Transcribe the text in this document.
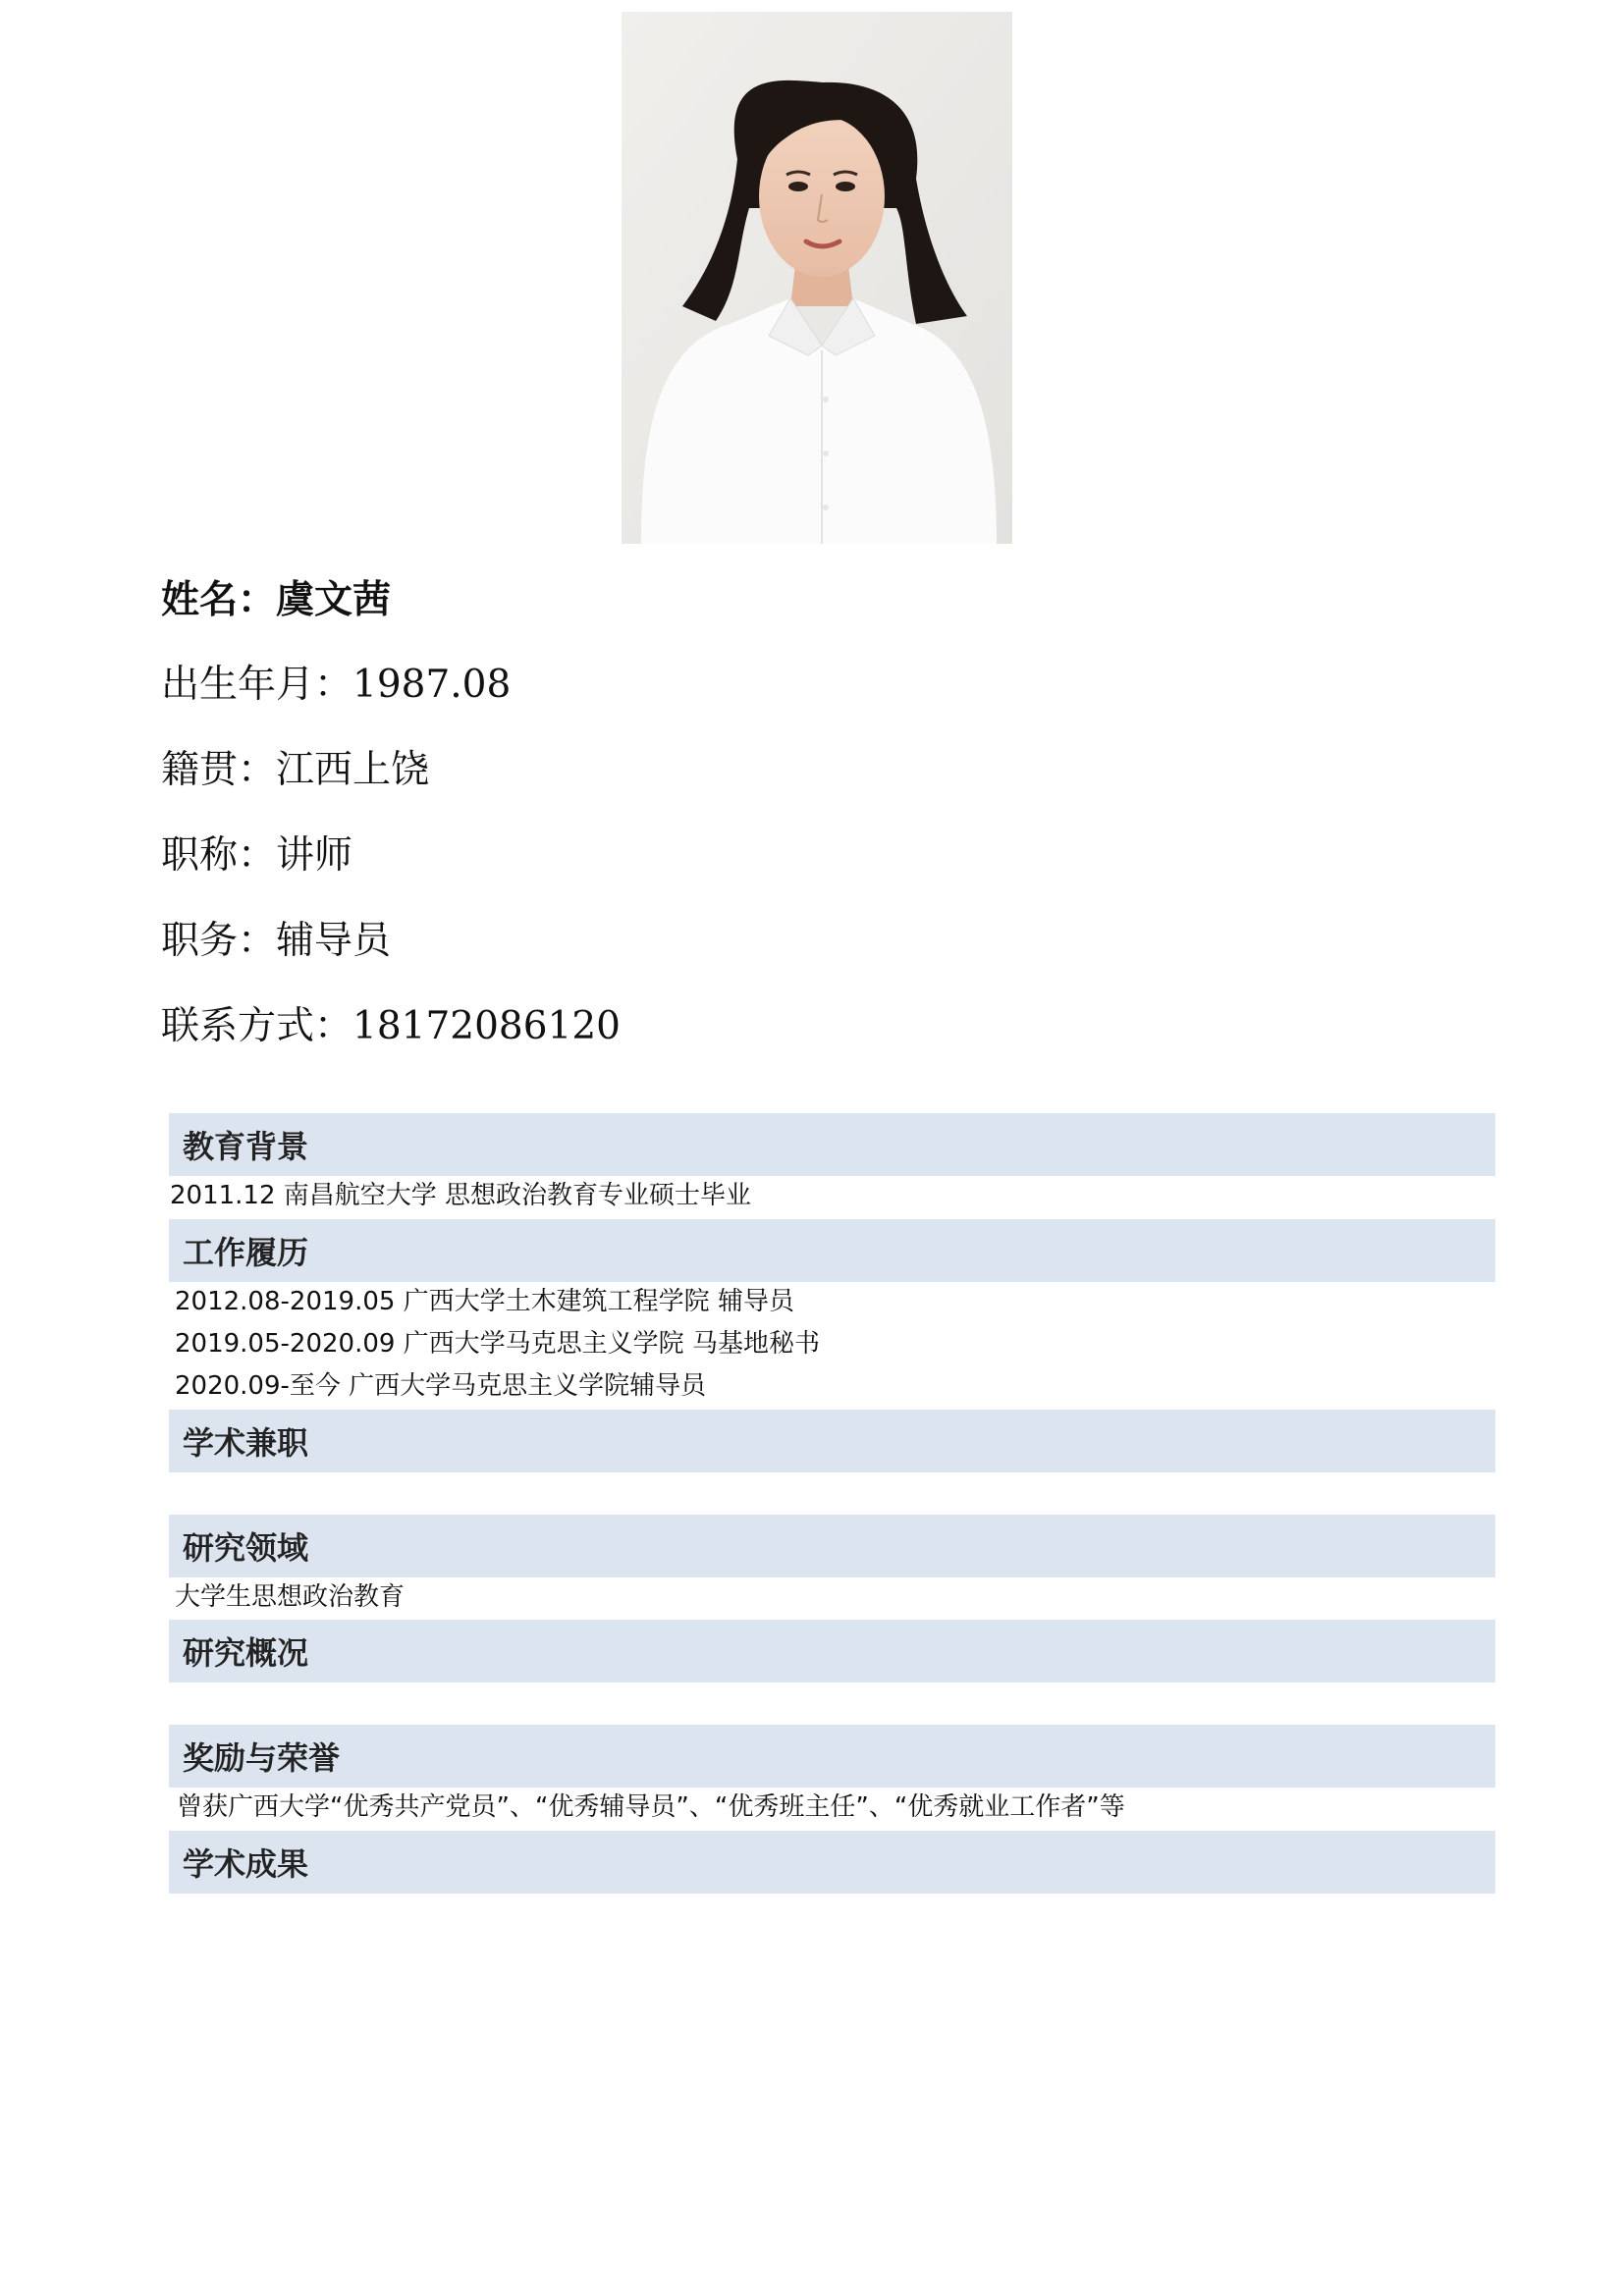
姓名：虞文茜
出生年月：1987.08
籍贯：江西上饶
职称：讲师
职务：辅导员
联系方式：18172086120
教育背景
2011.12 南昌航空大学 思想政治教育专业硕士毕业
工作履历
2012.08-2019.05 广西大学土木建筑工程学院 辅导员
2019.05-2020.09 广西大学马克思主义学院 马基地秘书
2020.09-至今 广西大学马克思主义学院辅导员
学术兼职
研究领域
大学生思想政治教育
研究概况
奖励与荣誉
曾获广西大学“优秀共产党员”、“优秀辅导员”、“优秀班主任”、“优秀就业工作者”等
学术成果
